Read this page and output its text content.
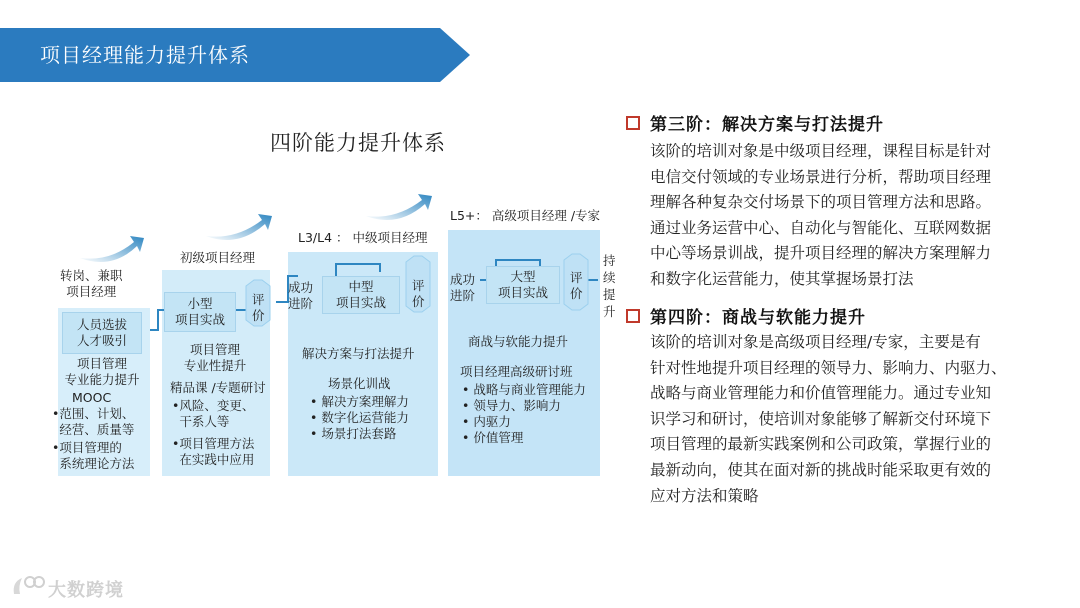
项目经理能力提升体系
四阶能力提升体系
转岗、兼职
项目经理
人员选拔
人才吸引
项目管理
专业能力提升
MOOC
•范围、计划、
经营、质量等
•项目管理的
系统理论方法
初级项目经理
小型
项目实战
评
价
项目管理
专业性提升
精品课 /专题研讨
•风险、变更、
干系人等
•项目管理方法
在实践中应用
L3/L4 ： 中级项目经理
成功
进阶
中型
项目实战
评
价
解决方案与打法提升
场景化训战
• 解决方案理解力
• 数字化运营能力
• 场景打法套路
L5+： 高级项目经理 /专家
成功
进阶
大型
项目实战
评
价
商战与软能力提升
项目经理高级研讨班
• 战略与商业管理能力
• 领导力、影响力
• 内驱力
• 价值管理
持
续
提
升
第三阶：解决方案与打法提升
该阶的培训对象是中级项目经理，课程目标是针对
电信交付领域的专业场景进行分析，帮助项目经理
理解各种复杂交付场景下的项目管理方法和思路。
通过业务运营中心、自动化与智能化、互联网数据
中心等场景训战，提升项目经理的解决方案理解力
和数字化运营能力，使其掌握场景打法
第四阶：商战与软能力提升
该阶的培训对象是高级项目经理/专家，主要是有
针对性地提升项目经理的领导力、影响力、内驱力、
战略与商业管理能力和价值管理能力。通过专业知
识学习和研讨，使培训对象能够了解新交付环境下
项目管理的最新实践案例和公司政策，掌握行业的
最新动向，使其在面对新的挑战时能采取更有效的
应对方法和策略
大数跨境
